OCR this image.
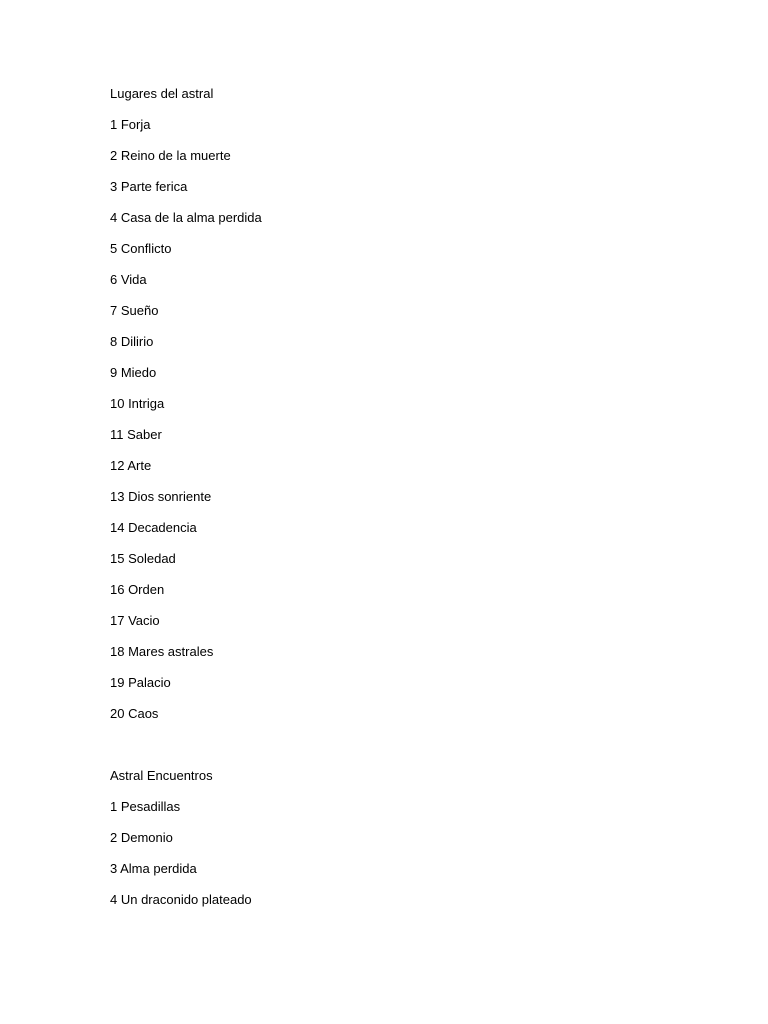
Lugares del astral
1 Forja
2 Reino de la muerte
3 Parte ferica
4 Casa de la alma perdida
5 Conflicto
6 Vida
7 Sueño
8 Dilirio
9 Miedo
10 Intriga
11 Saber
12 Arte
13 Dios sonriente
14 Decadencia
15 Soledad
16 Orden
17 Vacio
18 Mares astrales
19 Palacio
20 Caos
Astral Encuentros
1 Pesadillas
2 Demonio
3 Alma perdida
4 Un draconido plateado
